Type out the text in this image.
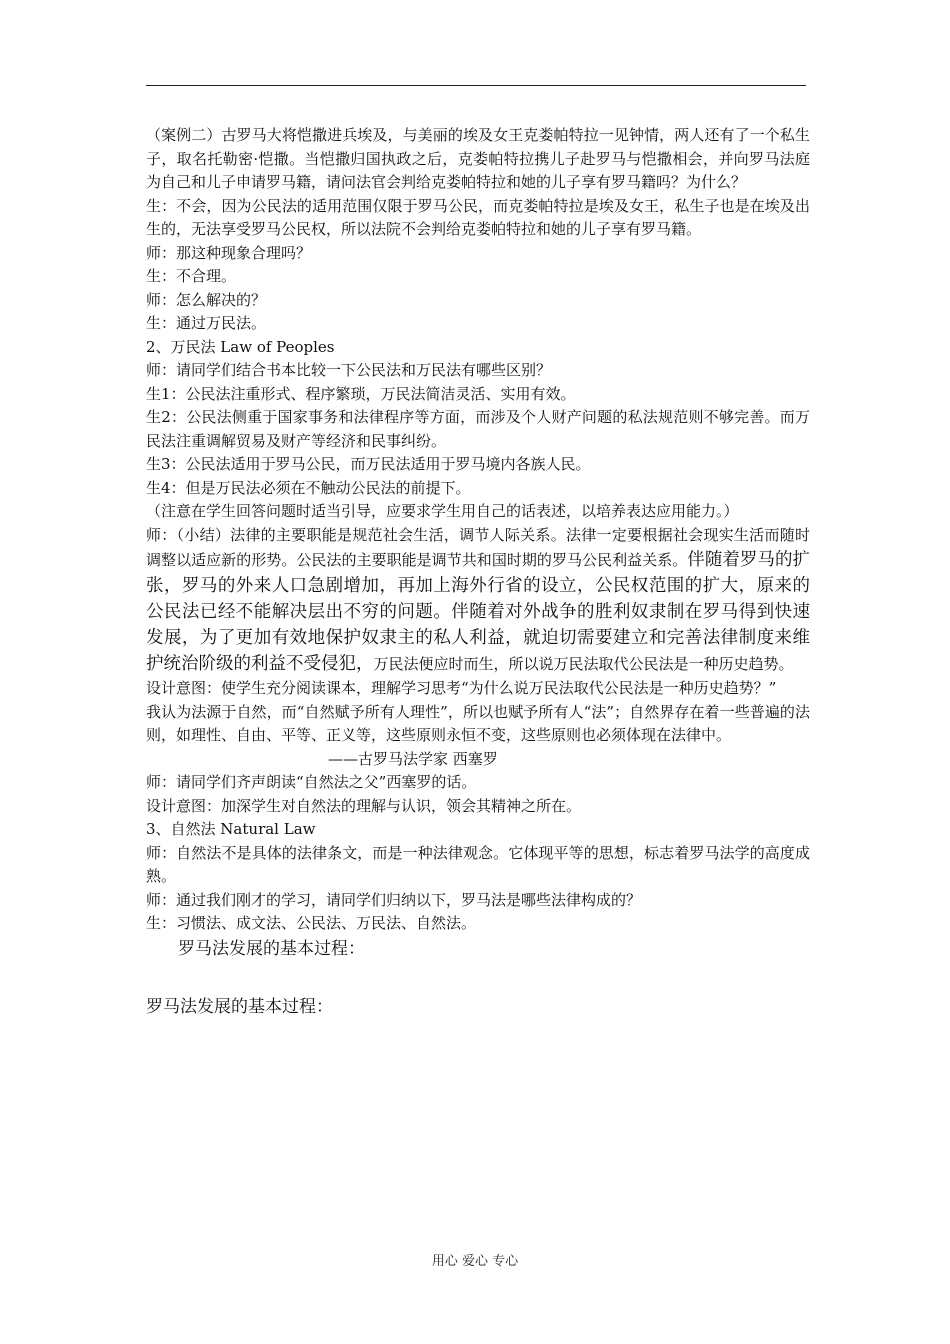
（案例二）古罗马大将恺撒进兵埃及，与美丽的埃及女王克娄帕特拉一见钟情，两人还有了一个私生子，取名托勒密·恺撒。当恺撒归国执政之后，克娄帕特拉携儿子赴罗马与恺撒相会，并向罗马法庭为自己和儿子申请罗马籍，请问法官会判给克娄帕特拉和她的儿子享有罗马籍吗？为什么？

生：不会，因为公民法的适用范围仅限于罗马公民，而克娄帕特拉是埃及女王，私生子也是在埃及出生的，无法享受罗马公民权，所以法院不会判给克娄帕特拉和她的儿子享有罗马籍。

师：那这种现象合理吗？

生：不合理。

师：怎么解决的？

生：通过万民法。

2、万民法 Law of Peoples

师：请同学们结合书本比较一下公民法和万民法有哪些区别？

生1：公民法注重形式、程序繁琐，万民法简洁灵活、实用有效。

生2：公民法侧重于国家事务和法律程序等方面，而涉及个人财产问题的私法规范则不够完善。而万民法注重调解贸易及财产等经济和民事纠纷。

生3：公民法适用于罗马公民，而万民法适用于罗马境内各族人民。

生4：但是万民法必须在不触动公民法的前提下。

（注意在学生回答问题时适当引导，应要求学生用自己的话表述，以培养表达应用能力。）

师：（小结）法律的主要职能是规范社会生活，调节人际关系。法律一定要根据社会现实生活而随时调整以适应新的形势。公民法的主要职能是调节共和国时期的罗马公民利益关系。伴随着罗马的扩张，罗马的外来人口急剧增加，再加上海外行省的设立，公民权范围的扩大，原来的公民法已经不能解决层出不穷的问题。伴随着对外战争的胜利奴隶制在罗马得到快速发展，为了更加有效地保护奴隶主的私人利益，就迫切需要建立和完善法律制度来维护统治阶级的利益不受侵犯，万民法便应时而生，所以说万民法取代公民法是一种历史趋势。

设计意图：使学生充分阅读课本，理解学习思考“为什么说万民法取代公民法是一种历史趋势？”

我认为法源于自然，而“自然赋予所有人理性”，所以也赋予所有人“法”；自然界存在着一些普遍的法则，如理性、自由、平等、正义等，这些原则永恒不变，这些原则也必须体现在法律中。

——古罗马法学家 西塞罗

师：请同学们齐声朗读“自然法之父”西塞罗的话。

设计意图：加深学生对自然法的理解与认识，领会其精神之所在。

3、自然法 Natural Law

师：自然法不是具体的法律条文，而是一种法律观念。它体现平等的思想，标志着罗马法学的高度成熟。

师：通过我们刚才的学习，请同学们归纳以下，罗马法是哪些法律构成的？

生：习惯法、成文法、公民法、万民法、自然法。

罗马法发展的基本过程：

罗马法发展的基本过程：

用心 爱心 专心
